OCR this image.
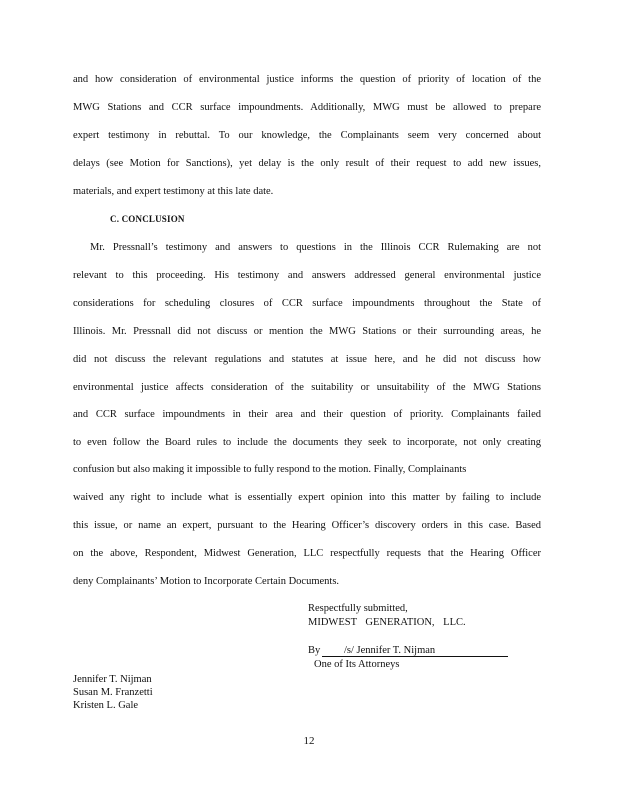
and how consideration of environmental justice informs the question of priority of location of the
MWG Stations and CCR surface impoundments. Additionally, MWG must be allowed to prepare
expert testimony in rebuttal. To our knowledge, the Complainants seem very concerned about
delays (see Motion for Sanctions), yet delay is the only result of their request to add new issues,
materials, and expert testimony at this late date.
C. CONCLUSION
Mr. Pressnall’s testimony and answers to questions in the Illinois CCR Rulemaking are not
relevant to this proceeding. His testimony and answers addressed general environmental justice
considerations for scheduling closures of CCR surface impoundments throughout the State of
Illinois. Mr. Pressnall did not discuss or mention the MWG Stations or their surrounding areas, he
did not discuss the relevant regulations and statutes at issue here, and he did not discuss how
environmental justice affects consideration of the suitability or unsuitability of the MWG Stations
and CCR surface impoundments in their area and their question of priority. Complainants failed
to even follow the Board rules to include the documents they seek to incorporate, not only creating
confusion but also making it impossible to fully respond to the motion. Finally, Complainants
waived any right to include what is essentially expert opinion into this matter by failing to include
this issue, or name an expert, pursuant to the Hearing Officer’s discovery orders in this case. Based
on the above, Respondent, Midwest Generation, LLC respectfully requests that the Hearing Officer
deny Complainants’ Motion to Incorporate Certain Documents.
Respectfully submitted,
MIDWEST GENERATION, LLC.
By /s/ Jennifer T. Nijman
One of Its Attorneys
Jennifer T. Nijman
Susan M. Franzetti
Kristen L. Gale
12
